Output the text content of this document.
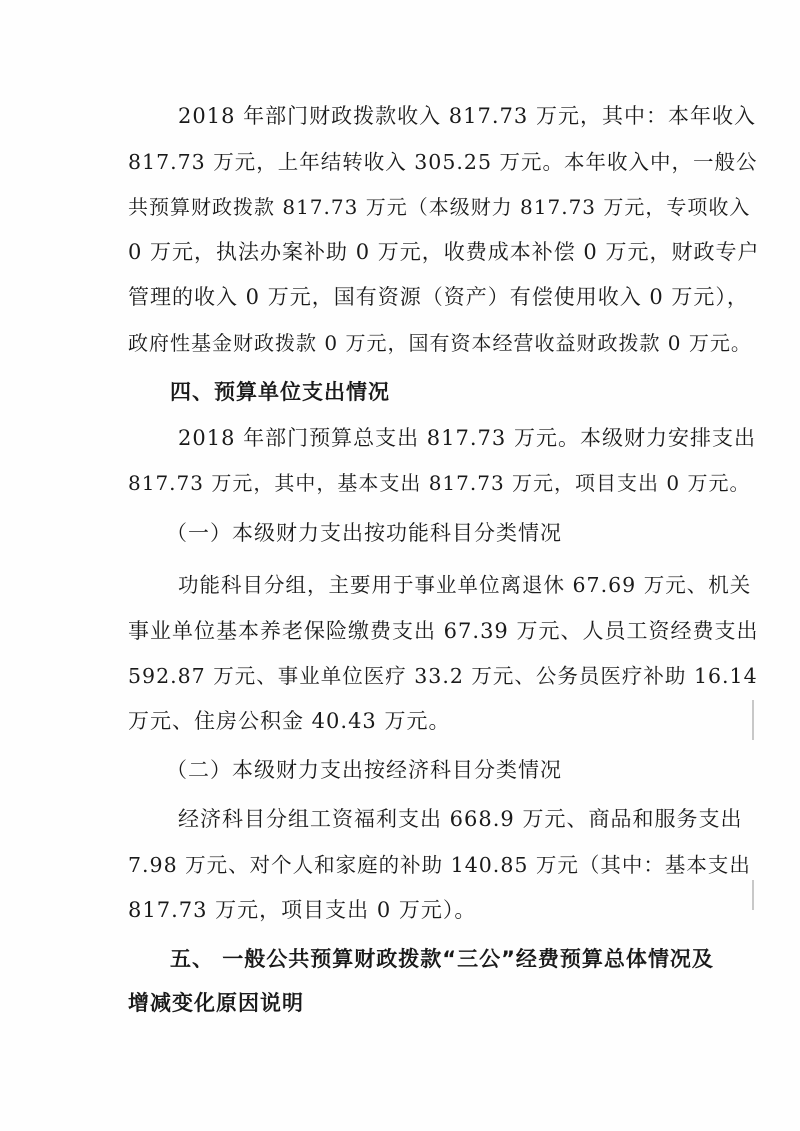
2018 年部门财政拨款收入 817.73 万元，其中：本年收入
817.73 万元，上年结转收入 305.25 万元。本年收入中，一般公
共预算财政拨款 817.73 万元（本级财力 817.73 万元，专项收入
0 万元，执法办案补助 0 万元，收费成本补偿 0 万元，财政专户
管理的收入 0 万元，国有资源（资产）有偿使用收入 0 万元），
政府性基金财政拨款 0 万元，国有资本经营收益财政拨款 0 万元。
四、预算单位支出情况
2018 年部门预算总支出 817.73 万元。本级财力安排支出
817.73 万元，其中，基本支出 817.73 万元，项目支出 0 万元。
（一）本级财力支出按功能科目分类情况
功能科目分组，主要用于事业单位离退休 67.69 万元、机关
事业单位基本养老保险缴费支出 67.39 万元、人员工资经费支出
592.87 万元、事业单位医疗 33.2 万元、公务员医疗补助 16.14
万元、住房公积金 40.43 万元。
（二）本级财力支出按经济科目分类情况
经济科目分组工资福利支出 668.9 万元、商品和服务支出
7.98 万元、对个人和家庭的补助 140.85 万元（其中：基本支出
817.73 万元，项目支出 0 万元）。
五、 一般公共预算财政拨款“三公”经费预算总体情况及
增减变化原因说明
